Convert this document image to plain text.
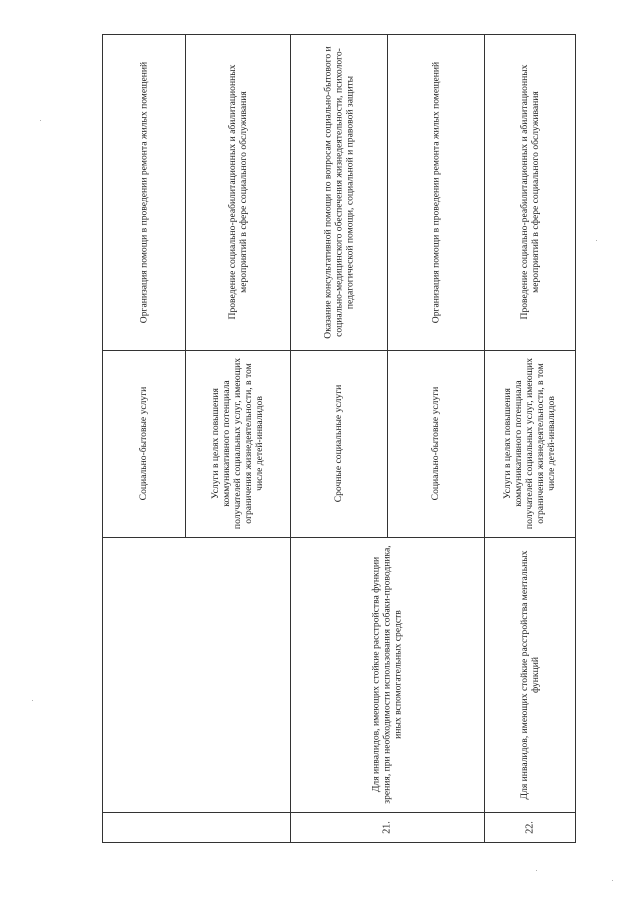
Организация помощи в проведении ремонта жилых помещений
Социально-бытовые услуги
Проведение социально-реабилитационных и абилитационных мероприятий в сфере социального обслуживания
Услуги в целях повышения коммуникативного потенциала получателей социальных услуг, имеющих ограничения жизнедеятельности, в том числе детей-инвалидов
Оказание консультативной помощи по вопросам социально-бытового и социально-медицинского обеспечения жизнедеятельности, психолого-педагогической помощи, социальной и правовой защиты
Срочные социальные услуги
Организация помощи в проведении ремонта жилых помещений
Социально-бытовые услуги
Для инвалидов, имеющих стойкие расстройства функции зрения, при необходимости использования собаки-проводника, иных вспомогательных средств
21.
Проведение социально-реабилитационных и абилитационных мероприятий в сфере социального обслуживания
Услуги в целях повышения коммуникативного потенциала получателей социальных услуг, имеющих ограничения жизнедеятельности, в том числе детей-инвалидов
Для инвалидов, имеющих стойкие расстройства ментальных функций
22.
